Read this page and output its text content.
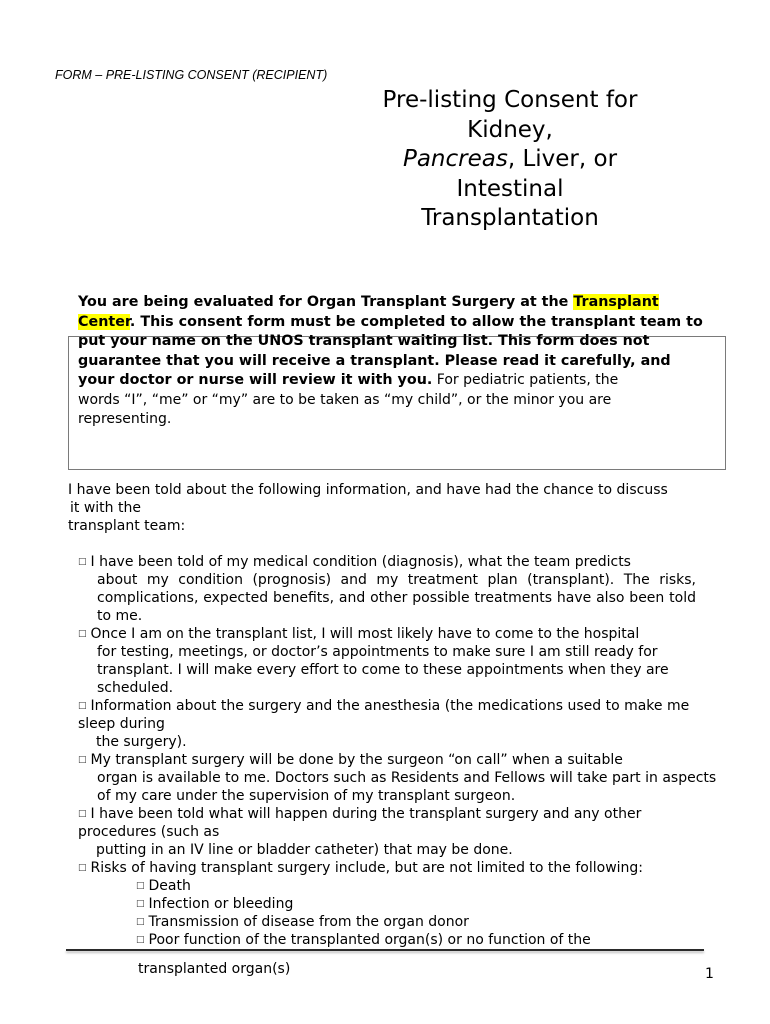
FORM – PRE-LISTING CONSENT (RECIPIENT)
Pre-listing Consent for
Kidney,
Pancreas, Liver, or
Intestinal
Transplantation
You are being evaluated for Organ Transplant Surgery at the Transplant Center. This consent form must be completed to allow the transplant team to put your name on the UNOS transplant waiting list. This form does not guarantee that you will receive a transplant. Please read it carefully, and your doctor or nurse will review it with you. For pediatric patients, the
words “I”, “me” or “my” are to be taken as “my child”, or the minor you are representing.
I have been told about the following information, and have had the chance to discuss
it with the
transplant team:
□ I have been told of my medical condition (diagnosis), what the team predicts
about my condition (prognosis) and my treatment plan (transplant). The risks, complications, expected benefits, and other possible treatments have also been told to me.
□ Once I am on the transplant list, I will most likely have to come to the hospital
for testing, meetings, or doctor’s appointments to make sure I am still ready for transplant. I will make every effort to come to these appointments when they are scheduled.
□ Information about the surgery and the anesthesia (the medications used to make me sleep during
the surgery).
□ My transplant surgery will be done by the surgeon “on call” when a suitable
organ is available to me. Doctors such as Residents and Fellows will take part in aspects of my care under the supervision of my transplant surgeon.
□ I have been told what will happen during the transplant surgery and any other procedures (such as
putting in an IV line or bladder catheter) that may be done.
□ Risks of having transplant surgery include, but are not limited to the following:
□ Death
□ Infection or bleeding
□ Transmission of disease from the organ donor
□ Poor function of the transplanted organ(s) or no function of the
transplanted organ(s)	1
